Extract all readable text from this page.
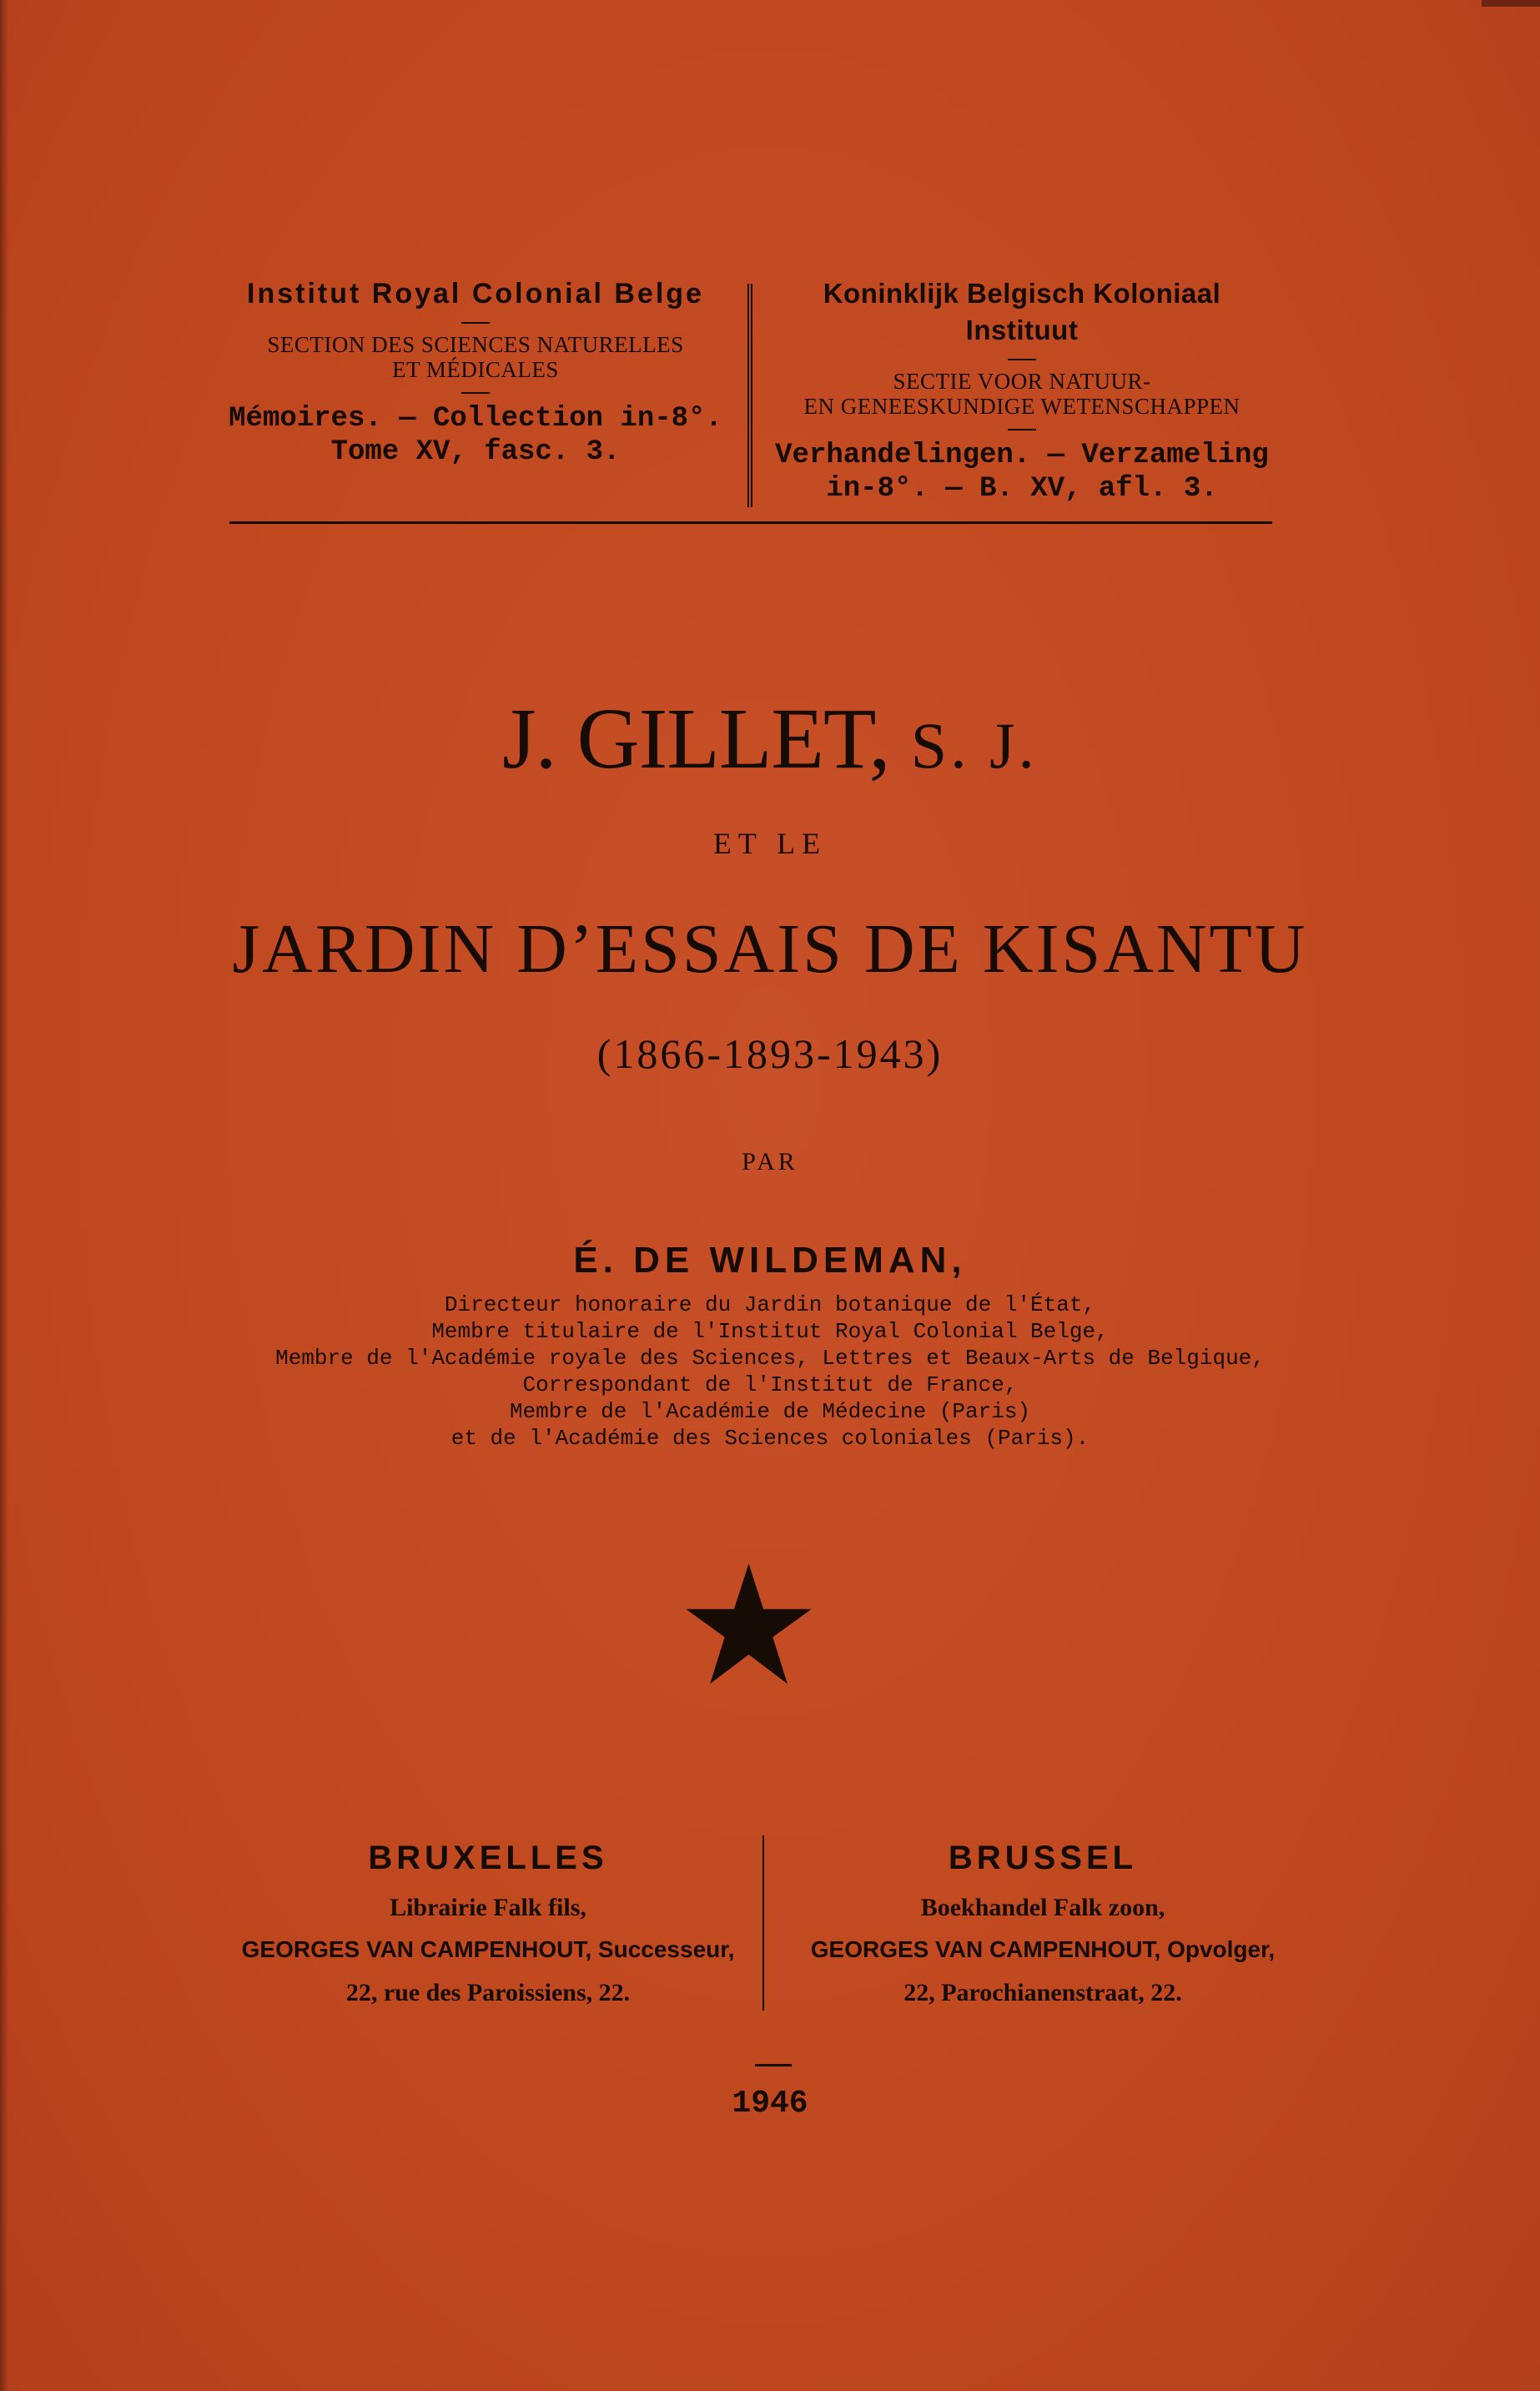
Institut Royal Colonial Belge
SECTION DES SCIENCES NATURELLES
ET MÉDICALES
Mémoires. — Collection in-8°.
Tome XV, fasc. 3.
Koninklijk Belgisch Koloniaal Instituut
SECTIE VOOR NATUUR-
EN GENEESKUNDIGE WETENSCHAPPEN
Verhandelingen. — Verzameling
in-8°. — B. XV, afl. 3.
J. GILLET, S. J.
ET LE
JARDIN D’ESSAIS DE KISANTU
(1866-1893-1943)
PAR
É. DE WILDEMAN,
Directeur honoraire du Jardin botanique de l'État,
Membre titulaire de l'Institut Royal Colonial Belge,
Membre de l'Académie royale des Sciences, Lettres et Beaux-Arts de Belgique,
Correspondant de l'Institut de France,
Membre de l'Académie de Médecine (Paris)
et de l'Académie des Sciences coloniales (Paris).
BRUXELLES
Librairie Falk fils,
GEORGES VAN CAMPENHOUT, Successeur,
22, rue des Paroissiens, 22.
BRUSSEL
Boekhandel Falk zoon,
GEORGES VAN CAMPENHOUT, Opvolger,
22, Parochianenstraat, 22.
1946
